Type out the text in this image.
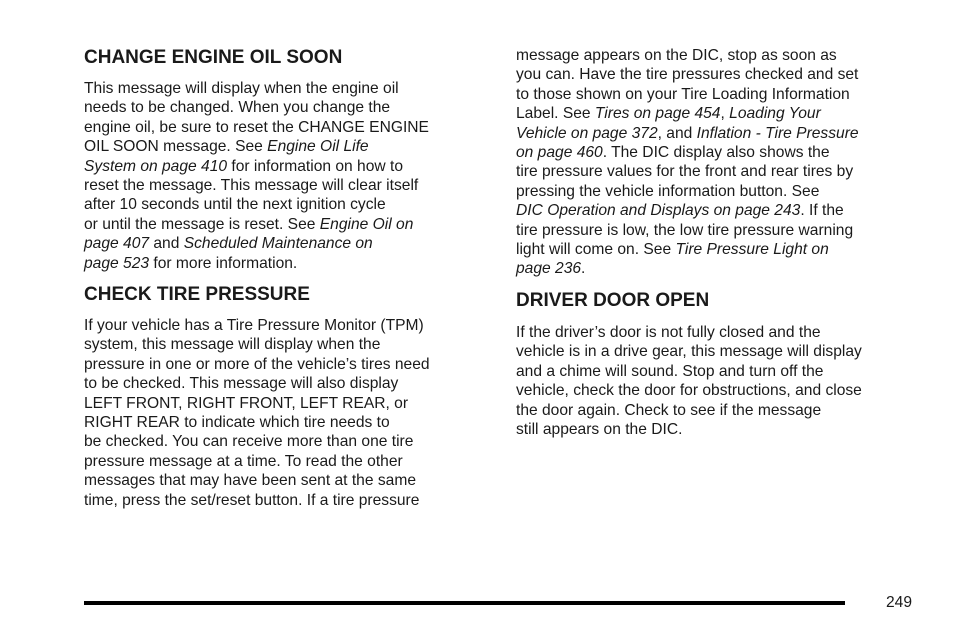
CHANGE ENGINE OIL SOON
This message will display when the engine oil
needs to be changed. When you change the
engine oil, be sure to reset the CHANGE ENGINE
OIL SOON message. See Engine Oil Life
System on page 410 for information on how to
reset the message. This message will clear itself
after 10 seconds until the next ignition cycle
or until the message is reset. See Engine Oil on
page 407 and Scheduled Maintenance on
page 523 for more information.
CHECK TIRE PRESSURE
If your vehicle has a Tire Pressure Monitor (TPM)
system, this message will display when the
pressure in one or more of the vehicle’s tires need
to be checked. This message will also display
LEFT FRONT, RIGHT FRONT, LEFT REAR, or
RIGHT REAR to indicate which tire needs to
be checked. You can receive more than one tire
pressure message at a time. To read the other
messages that may have been sent at the same
time, press the set/reset button. If a tire pressure
message appears on the DIC, stop as soon as
you can. Have the tire pressures checked and set
to those shown on your Tire Loading Information
Label. See Tires on page 454, Loading Your
Vehicle on page 372, and Inflation - Tire Pressure
on page 460. The DIC display also shows the
tire pressure values for the front and rear tires by
pressing the vehicle information button. See
DIC Operation and Displays on page 243. If the
tire pressure is low, the low tire pressure warning
light will come on. See Tire Pressure Light on
page 236.
DRIVER DOOR OPEN
If the driver’s door is not fully closed and the
vehicle is in a drive gear, this message will display
and a chime will sound. Stop and turn off the
vehicle, check the door for obstructions, and close
the door again. Check to see if the message
still appears on the DIC.
249
